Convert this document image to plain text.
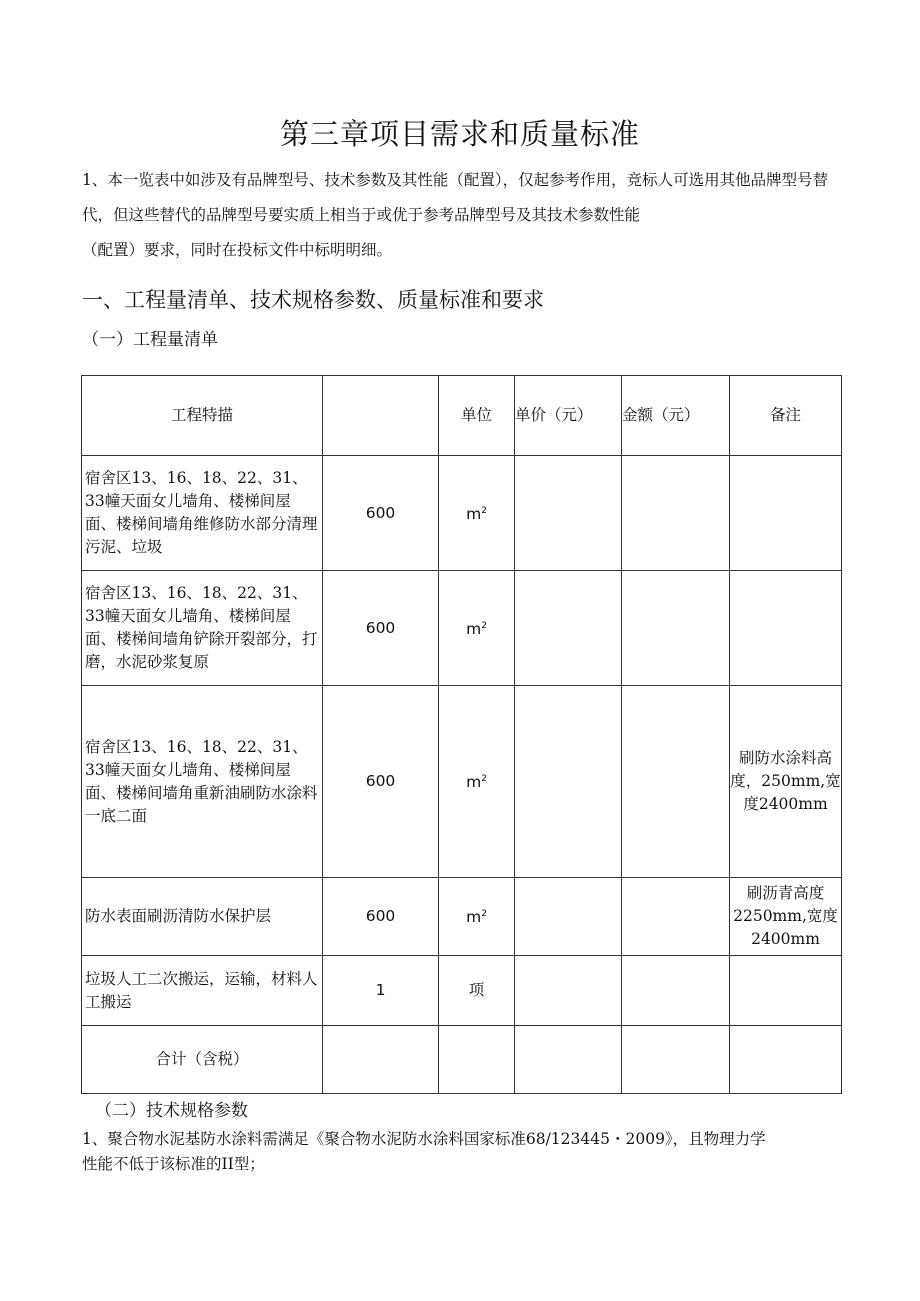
第三章项目需求和质量标准
1、本一览表中如涉及有品牌型号、技术参数及其性能（配置），仅起参考作用，竞标人可选用其他品牌型号替
代，但这些替代的品牌型号要实质上相当于或优于参考品牌型号及其技术参数性能
（配置）要求，同时在投标文件中标明明细。
一、工程量清单、技术规格参数、质量标准和要求
（一）工程量清单
工程特描		单位	单价（元）	金额（元）	备注
宿舍区13、16、18、22、31、33幢天面女儿墙角、楼梯间屋面、楼梯间墙角维修防水部分清理污泥、垃圾	600	$m^2$			
宿舍区13、16、18、22、31、33幢天面女儿墙角、楼梯间屋面、楼梯间墙角铲除开裂部分，打磨，水泥砂浆复原	600	$m^2$			
宿舍区13、16、18、22、31、33幢天面女儿墙角、楼梯间屋面、楼梯间墙角重新油刷防水涂料一底二面	600	$m^2$			刷防水涂料高度，250mm,宽度2400mm
防水表面刷沥清防水保护层	600	$m^2$			刷沥青高度2250mm,宽度2400mm
垃圾人工二次搬运，运输，材料人工搬运	1	项			
合计（含税）					
（二）技术规格参数
1、聚合物水泥基防水涂料需满足《聚合物水泥防水涂料国家标准68/123445・2009》，且物理力学
性能不低于该标准的II型；
